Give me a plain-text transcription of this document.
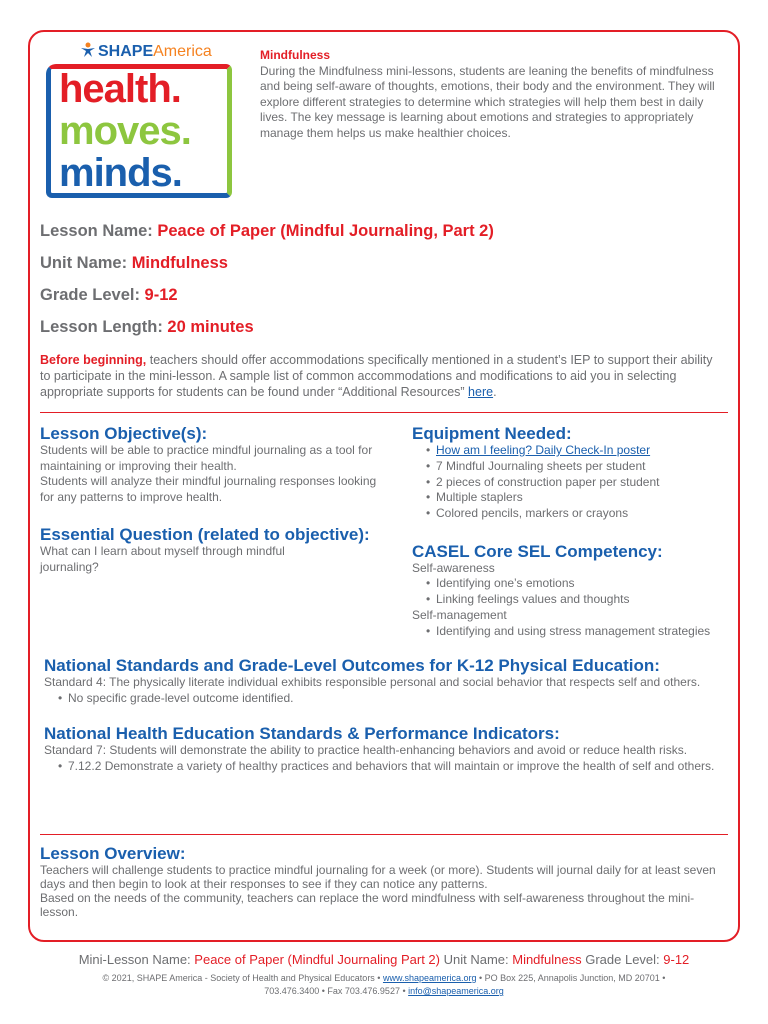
SHAPEAmerica
health.
moves.
minds.
Mindfulness
During the Mindfulness mini-lessons, students are leaning the benefits of mindfulness and being self-aware of thoughts, emotions, their body and the environment. They will explore different strategies to determine which strategies will help them best in daily lives. The key message is learning about emotions and strategies to appropriately manage them helps us make healthier choices.
Lesson Name: Peace of Paper (Mindful Journaling, Part 2)
Unit Name: Mindfulness
Grade Level: 9-12
Lesson Length: 20 minutes
Before beginning, teachers should offer accommodations specifically mentioned in a student’s IEP to support their ability to participate in the mini-lesson. A sample list of common accommodations and modifications to aid you in selecting appropriate supports for students can be found under “Additional Resources” here.
Lesson Objective(s):
Students will be able to practice mindful journaling as a tool for maintaining or improving their health.
Students will analyze their mindful journaling responses looking for any patterns to improve health.
Essential Question (related to objective):
What can I learn about myself through mindful journaling?
Equipment Needed:
• How am I feeling? Daily Check-In poster
• 7 Mindful Journaling sheets per student
• 2 pieces of construction paper per student
• Multiple staplers
• Colored pencils, markers or crayons
CASEL Core SEL Competency:
Self-awareness
• Identifying one’s emotions
• Linking feelings values and thoughts
Self-management
• Identifying and using stress management strategies
National Standards and Grade-Level Outcomes for K-12 Physical Education:
Standard 4: The physically literate individual exhibits responsible personal and social behavior that respects self and others.
• No specific grade-level outcome identified.
National Health Education Standards & Performance Indicators:
Standard 7: Students will demonstrate the ability to practice health-enhancing behaviors and avoid or reduce health risks.
• 7.12.2 Demonstrate a variety of healthy practices and behaviors that will maintain or improve the health of self and others.
Lesson Overview:
Teachers will challenge students to practice mindful journaling for a week (or more). Students will journal daily for at least seven days and then begin to look at their responses to see if they can notice any patterns.
Based on the needs of the community, teachers can replace the word mindfulness with self-awareness throughout the mini-lesson.
Mini-Lesson Name: Peace of Paper (Mindful Journaling Part 2) Unit Name: Mindfulness Grade Level: 9-12
© 2021, SHAPE America - Society of Health and Physical Educators • www.shapeamerica.org • PO Box 225, Annapolis Junction, MD 20701 •
703.476.3400 • Fax 703.476.9527 • info@shapeamerica.org
